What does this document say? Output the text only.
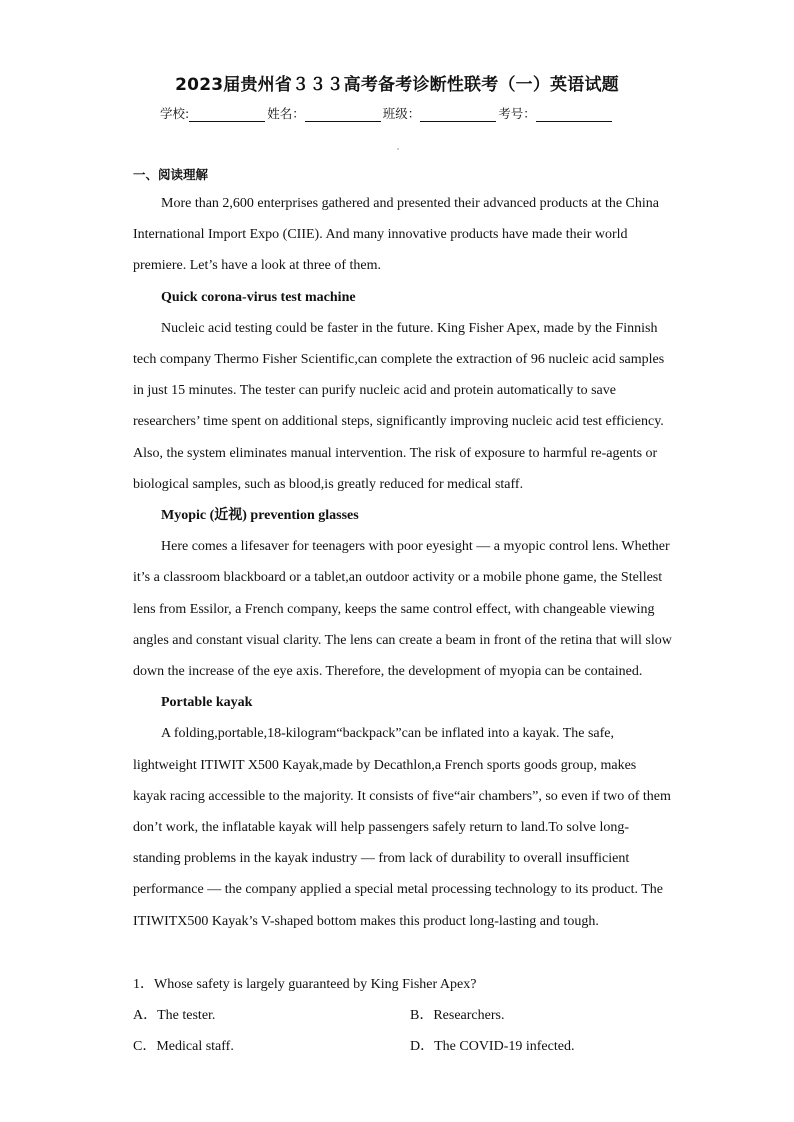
2023届贵州省３３３高考备考诊断性联考（一）英语试题
学校:	姓名：	班级：	考号：
一、阅读理解

More than 2,600 enterprises gathered and presented their advanced products at the China International Import Expo (CIIE). And many innovative products have made their world premiere. Let’s have a look at three of them.

Quick corona-virus test machine

Nucleic acid testing could be faster in the future. King Fisher Apex, made by the Finnish tech company Thermo Fisher Scientific,can complete the extraction of 96 nucleic acid samples in just 15 minutes. The tester can purify nucleic acid and protein automatically to save researchers’ time spent on additional steps, significantly improving nucleic acid test efficiency. Also, the system eliminates manual intervention. The risk of exposure to harmful re-agents or biological samples, such as blood,is greatly reduced for medical staff.

Myopic (近视) prevention glasses

Here comes a lifesaver for teenagers with poor eyesight — a myopic control lens. Whether it’s a classroom blackboard or a tablet,an outdoor activity or a mobile phone game, the Stellest lens from Essilor, a French company, keeps the same control effect, with changeable viewing angles and constant visual clarity. The lens can create a beam in front of the retina that will slow down the increase of the eye axis. Therefore, the development of myopia can be contained.

Portable kayak

A folding,portable,18-kilogram“backpack”can be inflated into a kayak. The safe, lightweight ITIWIT X500 Kayak,made by Decathlon,a French sports goods group, makes kayak racing accessible to the majority. It consists of five“air chambers”, so even if two of them don’t work, the inflatable kayak will help passengers safely return to land.To solve long-standing problems in the kayak industry — from lack of durability to overall insufficient performance — the company applied a special metal processing technology to its product. The ITIWITX500 Kayak’s V-shaped bottom makes this product long-lasting and tough.

1．Whose safety is largely guaranteed by King Fisher Apex?
A．The tester.	B．Researchers.
C．Medical staff.	D．The COVID-19 infected.
